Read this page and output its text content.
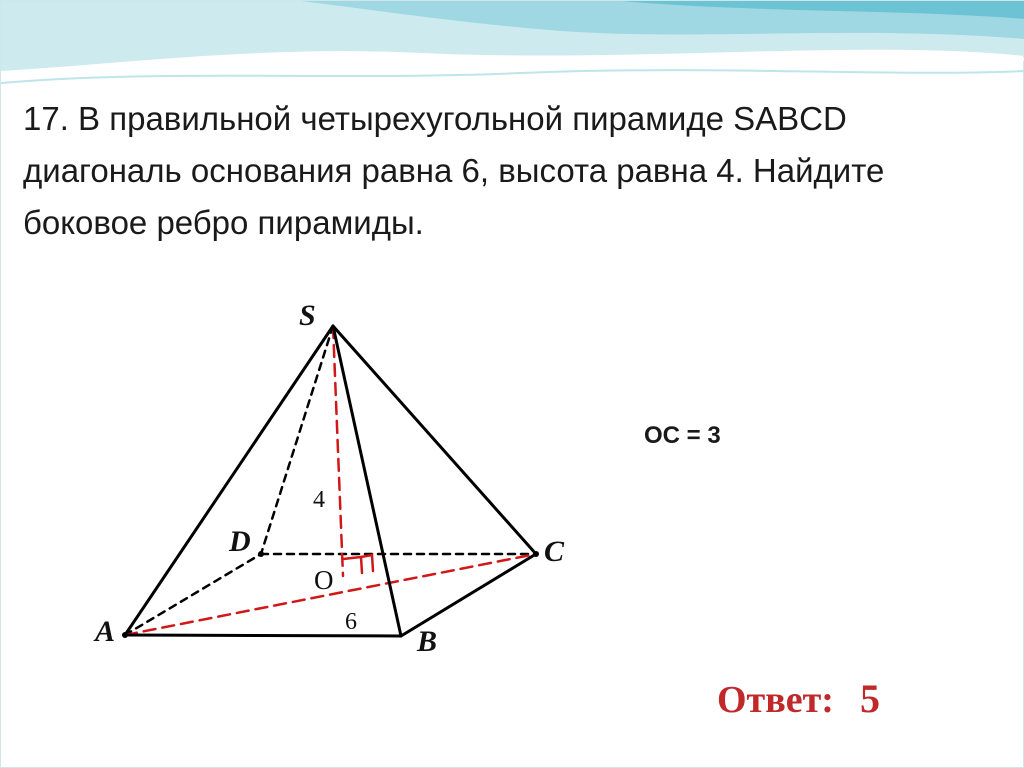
17. В правильной четырехугольной пирамиде SABCD
диагональ основания равна 6, высота равна 4. Найдите
боковое ребро пирамиды.

S
D	C
A	B
O
4
6
OC = 3
Ответ: 5
